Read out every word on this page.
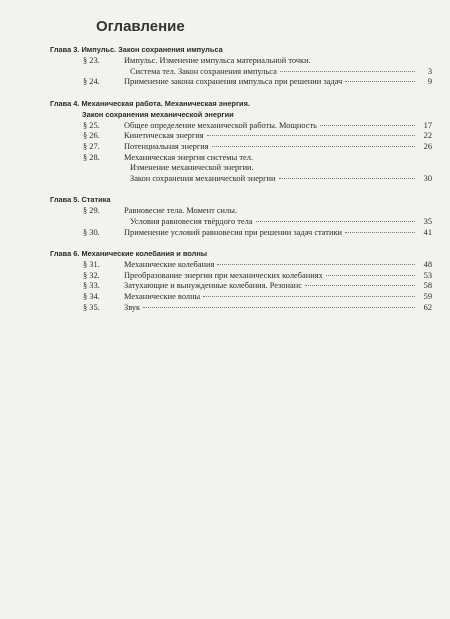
Оглавление
Глава 3. Импульс. Закон сохранения импульса
§ 23.	Импульс. Изменение импульса материальной точки.
Система тел. Закон сохранения импульса	3
§ 24.	Применение закона сохранения импульса при решении задач	9
Глава 4. Механическая работа. Механическая энергия.
Закон сохранения механической энергии
§ 25.	Общее определение механической работы. Мощность	17
§ 26.	Кинетическая энергия	22
§ 27.	Потенциальная энергия	26
§ 28.	Механическая энергия системы тел.
Изменение механической энергии.
Закон сохранения механической энергии	30
Глава 5. Статика
§ 29.	Равновесие тела. Момент силы.
Условия равновесия твёрдого тела	35
§ 30.	Применение условий равновесия при решении задач статики	41
Глава 6. Механические колебания и волны
§ 31.	Механические колебания	48
§ 32.	Преобразование энергии при механических колебаниях	53
§ 33.	Затухающие и вынужденные колебания. Резонанс	58
§ 34.	Механические волны	59
§ 35.	Звук	62
